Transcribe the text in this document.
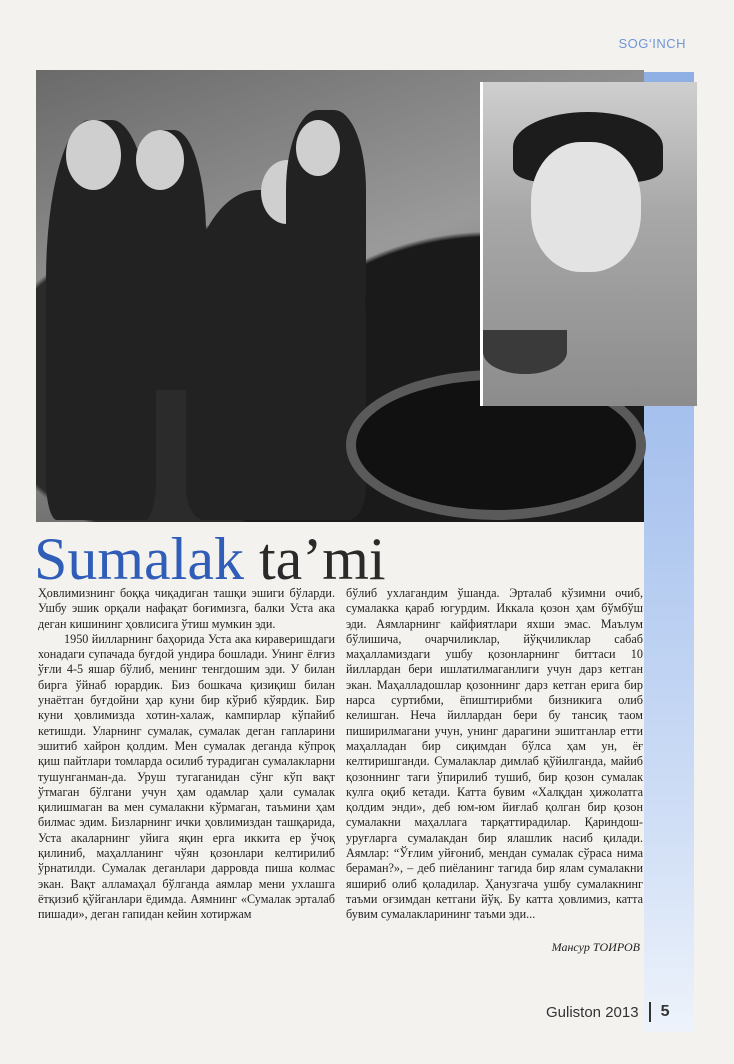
SOG‘INCH
Sumalak ta’mi

Ҳовлимизнинг боққа чиқадиган ташқи эшиги бўларди. Ушбу эшик орқали нафақат боғимизга, балки Уста ака деган кишининг ҳовлисига ўтиш мумкин эди.

1950 йилларнинг баҳорида Уста ака кираверишдаги хонадаги супачада буғдой ундира бошлади. Унинг ёлғиз ўғли 4-5 яшар бўлиб, менинг тенгдошим эди. У билан бирга ўйнаб юрардик. Биз бошкача қизиқиш билан унаётган буғдойни ҳар куни бир кўриб кўярдик. Бир куни ҳовлимизда хотин-халаж, кампирлар кўпайиб кетишди. Уларнинг сумалак, сумалак деган гапларини эшитиб хайрон қолдим. Мен сумалак деганда кўпроқ қиш пайтлари томларда осилиб турадиган сумалакларни тушунганман-да. Уруш тугаганидан сўнг кўп вақт ўтмаган бўлгани учун ҳам одамлар ҳали сумалак қилишмаган ва мен сумалакни кўрмаган, таъмини ҳам билмас эдим. Бизларнинг ички ҳовлимиздан ташқарида, Уста акаларнинг уйига яқин ерга иккита ер ўчоқ қилиниб, маҳалланинг чўян қозонлари келтирилиб ўрнатилди. Сумалак деганлари дарровда пиша колмас экан. Вақт алламаҳал бўлганда аямлар мени ухлашга ётқизиб қўйганлари ёдимда. Аямнинг «Сумалак эрталаб пишади», деган гапидан кейин хотиржам

бўлиб ухлагандим ўшанда. Эрталаб кўзимни очиб, сумалакка қараб югурдим. Иккала қозон ҳам бўмбўш эди. Аямларнинг кайфиятлари яхши эмас. Маълум бўлишича, очарчиликлар, йўқчиликлар сабаб маҳалламиздаги ушбу қозонларнинг биттаси 10 йиллардан бери ишлатилмаганлиги учун дарз кетган экан. Маҳалладошлар қозоннинг дарз кетган ерига бир нарса суртибми, ёпиштирибми бизникига олиб келишган. Неча йиллардан бери бу тансиқ таом пиширилмагани учун, унинг дарагини эшитганлар етти маҳалладан бир сиқимдан бўлса ҳам ун, ёғ келтиришганди. Сумалаклар димлаб қўйилганда, майиб қозоннинг таги ўпирилиб тушиб, бир қозон сумалак кулга оқиб кетади. Катта бувим «Халқдан ҳижолатга қолдим энди», деб юм-юм йиғлаб қолган бир қозон сумалакни маҳаллага тарқаттирадилар. Қариндош-уруғларга сумалакдан бир ялашлик насиб қилади. Аямлар: “Ўғлим уйғониб, мендан сумалак сўраса нима бераман?», – деб пиёланинг тагида бир ялам сумалакни яшириб олиб қоладилар. Ҳанузгача ушбу сумалакнинг таъми оғзимдан кетгани йўқ. Бу катта ҳовлимиз, катта бувим сумалакларининг таъми эди...

Мансур ТОИРОВ
Guliston 2013 5
